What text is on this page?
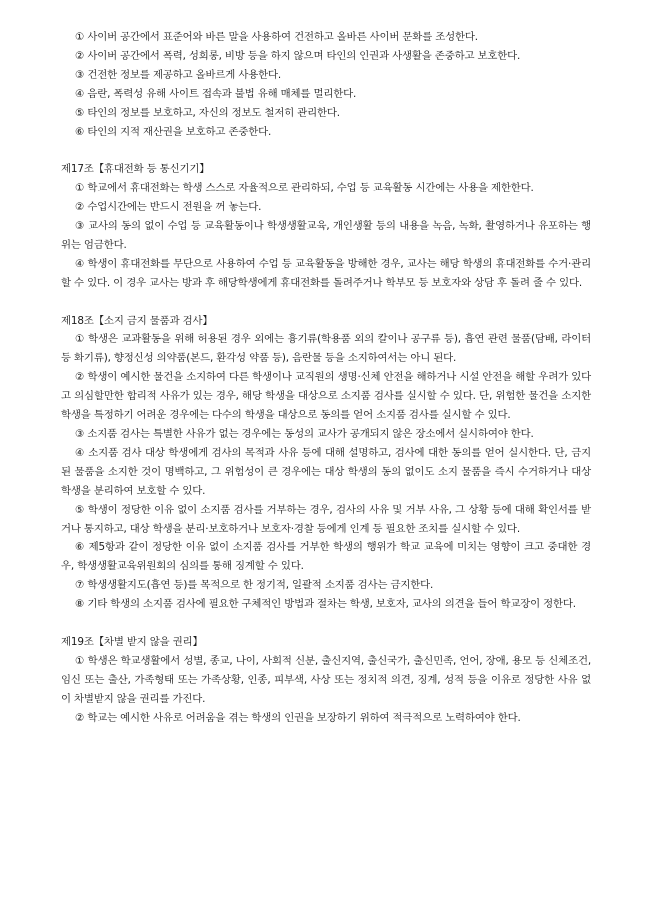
① 사이버 공간에서 표준어와 바른 말을 사용하여 건전하고 올바른 사이버 문화를 조성한다.

② 사이버 공간에서 폭력, 성희롱, 비방 등을 하지 않으며 타인의 인권과 사생활을 존중하고 보호한다.

③ 건전한 정보를 제공하고 올바르게 사용한다.

④ 음란, 폭력성 유해 사이트 접속과 불법 유해 매체를 멀리한다.

⑤ 타인의 정보를 보호하고, 자신의 정보도 철저히 관리한다.

⑥ 타인의 지적 재산권을 보호하고 존중한다.

제17조【휴대전화 등 통신기기】

① 학교에서 휴대전화는 학생 스스로 자율적으로 관리하되, 수업 등 교육활동 시간에는 사용을 제한한다.

② 수업시간에는 반드시 전원을 꺼 놓는다.

③ 교사의 동의 없이 수업 등 교육활동이나 학생생활교육, 개인생활 등의 내용을 녹음, 녹화, 촬영하거나 유포하는 행위는 엄금한다.

④ 학생이 휴대전화를 무단으로 사용하여 수업 등 교육활동을 방해한 경우, 교사는 해당 학생의 휴대전화를 수거·관리할 수 있다. 이 경우 교사는 방과 후 해당학생에게 휴대전화를 돌려주거나 학부모 등 보호자와 상담 후 돌려 줄 수 있다.

제18조【소지 금지 물품과 검사】

① 학생은 교과활동을 위해 허용된 경우 외에는 흉기류(학용품 외의 칼이나 공구류 등), 흡연 관련 물품(담배, 라이터 등 화기류), 향정신성 의약품(본드, 환각성 약품 등), 음란물 등을 소지하여서는 아니 된다.

② 학생이 예시한 물건을 소지하여 다른 학생이나 교직원의 생명·신체 안전을 해하거나 시설 안전을 해할 우려가 있다고 의심할만한 합리적 사유가 있는 경우, 해당 학생을 대상으로 소지품 검사를 실시할 수 있다. 단, 위험한 물건을 소지한 학생을 특정하기 어려운 경우에는 다수의 학생을 대상으로 동의를 얻어 소지품 검사를 실시할 수 있다.

③ 소지품 검사는 특별한 사유가 없는 경우에는 동성의 교사가 공개되지 않은 장소에서 실시하여야 한다.

④ 소지품 검사 대상 학생에게 검사의 목적과 사유 등에 대해 설명하고, 검사에 대한 동의를 얻어 실시한다. 단, 금지된 물품을 소지한 것이 명백하고, 그 위험성이 큰 경우에는 대상 학생의 동의 없이도 소지 물품을 즉시 수거하거나 대상 학생을 분리하여 보호할 수 있다.

⑤ 학생이 정당한 이유 없이 소지품 검사를 거부하는 경우, 검사의 사유 및 거부 사유, 그 상황 등에 대해 확인서를 받거나 통지하고, 대상 학생을 분리·보호하거나 보호자·경찰 등에게 인계 등 필요한 조치를 실시할 수 있다.

⑥ 제5항과 같이 정당한 이유 없이 소지품 검사를 거부한 학생의 행위가 학교 교육에 미치는 영향이 크고 중대한 경우, 학생생활교육위원회의 심의를 통해 징계할 수 있다.

⑦ 학생생활지도(흡연 등)를 목적으로 한 정기적, 일괄적 소지품 검사는 금지한다.

⑧ 기타 학생의 소지품 검사에 필요한 구체적인 방법과 절차는 학생, 보호자, 교사의 의견을 들어 학교장이 정한다.

제19조【차별 받지 않을 권리】

① 학생은 학교생활에서 성별, 종교, 나이, 사회적 신분, 출신지역, 출신국가, 출신민족, 언어, 장애, 용모 등 신체조건, 임신 또는 출산, 가족형태 또는 가족상황, 인종, 피부색, 사상 또는 정치적 의견, 징계, 성적 등을 이유로 정당한 사유 없이 차별받지 않을 권리를 가진다.

② 학교는 예시한 사유로 어려움을 겪는 학생의 인권을 보장하기 위하여 적극적으로 노력하여야 한다.
